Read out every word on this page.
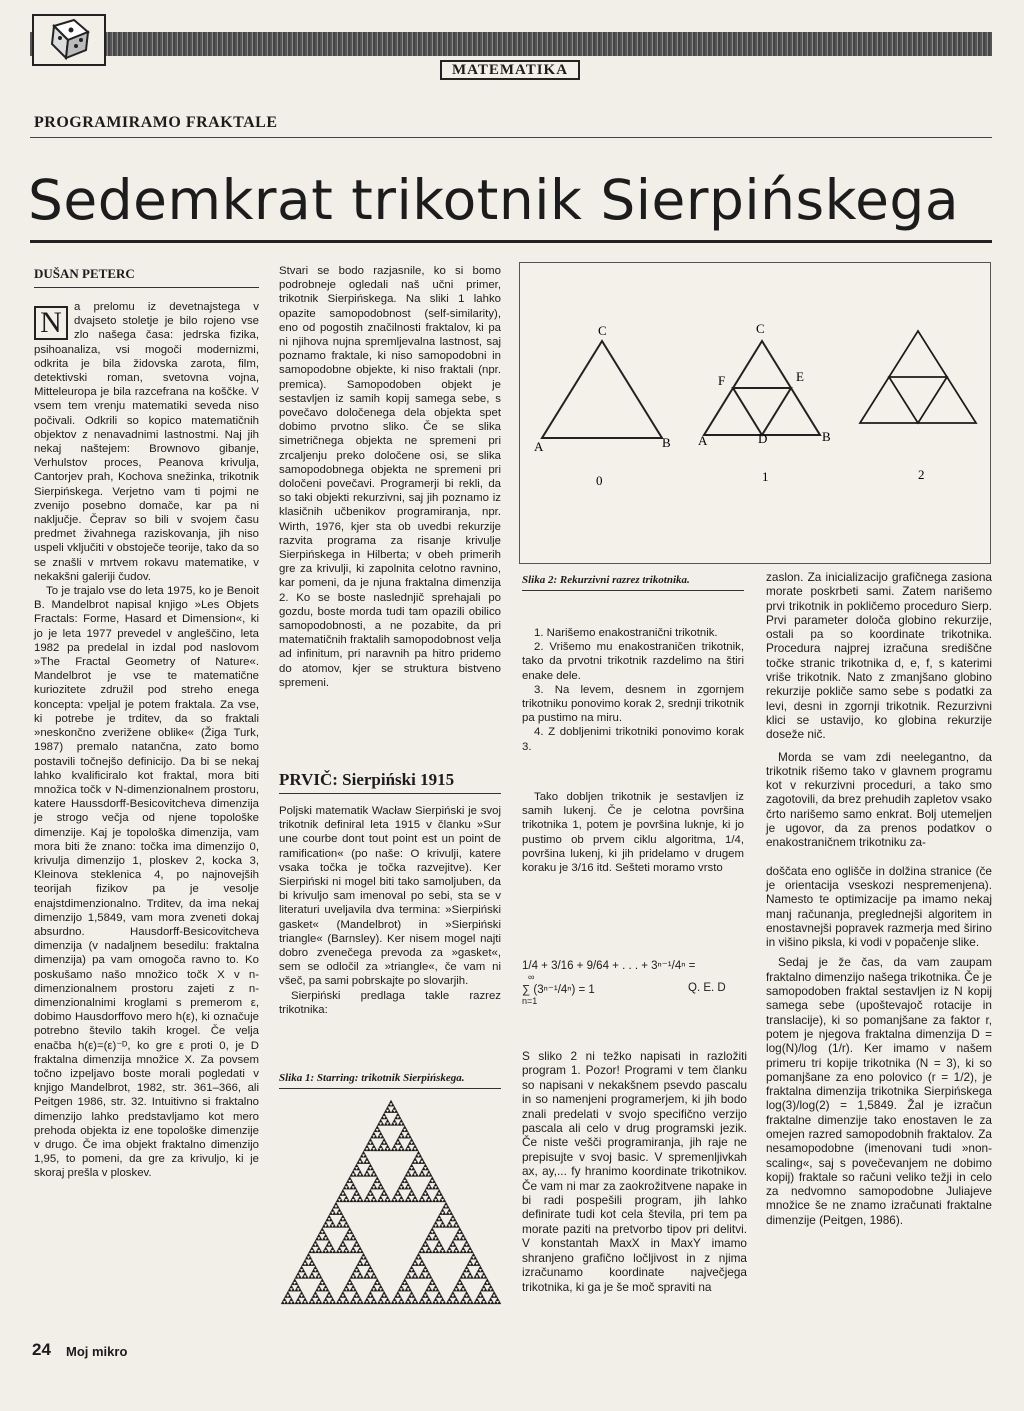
MATEMATIKA
PROGRAMIRAMO FRAKTALE
Sedemkrat trikotnik Sierpińskega
DUŠAN PETERC

N	a prelomu iz devetnajstega v dvajseto stoletje je bilo rojeno vse zlo našega časa: jedrska fizika, psihoanaliza, vsi mogoči modernizmi, odkrita je bila židovska zarota, film, detektivski roman, svetovna vojna, Mitteleuropa je bila razcefrana na koščke. V vsem tem vrenju matematiki seveda niso počivali. Odkrili so kopico matematičnih objektov z nenavadnimi lastnostmi. Naj jih nekaj naštejem: Brownovo gibanje, Verhulstov proces, Peanova krivulja, Cantorjev prah, Kochova snežinka, trikotnik Sierpińskega. Verjetno vam ti pojmi ne zvenijo posebno domače, kar pa ni naključje. Čeprav so bili v svojem času predmet živahnega raziskovanja, jih niso uspeli vključiti v obstoječe teorije, tako da so se znašli v mrtvem rokavu matematike, v nekakšni galeriji čudov.

To je trajalo vse do leta 1975, ko je Benoit B. Mandelbrot napisal knjigo »Les Objets Fractals: Forme, Hasard et Dimension«, ki jo je leta 1977 prevedel v angleščino, leta 1982 pa predelal in izdal pod naslovom »The Fractal Geometry of Nature«. Mandelbrot je vse te matematične kuriozitete združil pod streho enega koncepta: vpeljal je potem fraktala. Za vse, ki potrebe je trditev, da so fraktali »neskončno zverižene oblike« (Žiga Turk, 1987) premalo natančna, zato bomo postavili točnejšo definicijo. Da bi se nekaj lahko kvalificiralo kot fraktal, mora biti množica točk v N-dimenzionalnem prostoru, katere Haussdorff-Besicovitcheva dimenzija je strogo večja od njene topološke dimenzije. Kaj je topološka dimenzija, vam mora biti že znano: točka ima dimenzijo 0, krivulja dimenzijo 1, ploskev 2, kocka 3, Kleinova steklenica 4, po najnovejših teorijah fizikov pa je vesolje enajstdimenzionalno. Trditev, da ima nekaj dimenzijo 1,5849, vam mora zveneti dokaj absurdno. Hausdorff-Besicovitcheva dimenzija (v nadaljnem besedilu: fraktalna dimenzija) pa vam omogoča ravno to. Ko poskušamo našo množico točk X v n-dimenzionalnem prostoru zajeti z n-dimenzionalnimi kroglami s premerom ε, dobimo Hausdorffovo mero h(ε), ki označuje potrebno število takih krogel. Če velja enačba h(ε)=(ε)⁻ᴰ, ko gre ε proti 0, je D fraktalna dimenzija množice X. Za povsem točno izpeljavo boste morali pogledati v knjigo Mandelbrot, 1982, str. 361–366, ali Peitgen 1986, str. 32. Intuitivno si fraktalno dimenzijo lahko predstavljamo kot mero prehoda objekta iz ene topološke dimenzije v drugo. Če ima objekt fraktalno dimenzijo 1,95, to pomeni, da gre za krivuljo, ki je skoraj prešla v ploskev.

Stvari se bodo razjasnile, ko si bomo podrobneje ogledali naš učni primer, trikotnik Sierpińskega. Na sliki 1 lahko opazite samopodobnost (self-similarity), eno od pogostih značilnosti fraktalov, ki pa ni njihova nujna spremljevalna lastnost, saj poznamo fraktale, ki niso samopodobni in samopodobne objekte, ki niso fraktali (npr. premica). Samopodoben objekt je sestavljen iz samih kopij samega sebe, s povečavo določenega dela objekta spet dobimo prvotno sliko. Če se slika simetričnega objekta ne spremeni pri zrcaljenju preko določene osi, se slika samopodobnega objekta ne spremeni pri določeni povečavi. Programerji bi rekli, da so taki objekti rekurzivni, saj jih poznamo iz klasičnih učbenikov programiranja, npr. Wirth, 1976, kjer sta ob uvedbi rekurzije razvita programa za risanje krivulje Sierpińskega in Hilberta; v obeh primerih gre za krivulji, ki zapolnita celotno ravnino, kar pomeni, da je njuna fraktalna dimenzija 2. Ko se boste naslednjič sprehajali po gozdu, boste morda tudi tam opazili obilico samopodobnosti, a ne pozabite, da pri matematičnih fraktalih samopodobnost velja ad infinitum, pri naravnih pa hitro pridemo do atomov, kjer se struktura bistveno spremeni.

PRVIČ: Sierpiński 1915

Poljski matematik Wacław Sierpiński je svoj trikotnik definiral leta 1915 v članku »Sur une courbe dont tout point est un point de ramification« (po naše: O krivulji, katere vsaka točka je točka razvejitve). Ker Sierpiński ni mogel biti tako samoljuben, da bi krivuljo sam imenoval po sebi, sta se v literaturi uveljavila dva termina: »Sierpiński gasket« (Mandelbrot) in »Sierpiński triangle« (Barnsley). Ker nisem mogel najti dobro zvenečega prevoda za »gasket«, sem se odločil za »triangle«, če vam ni všeč, pa sami pobrskajte po slovarjih.

Sierpiński predlaga takle razrez trikotnika:

Slika 1: Starring: trikotnik Sierpińskega.
C
A	B
0
C
F	E
A	D	B
1	2
Slika 2: Rekurzivni razrez trikotnika.

1. Narišemo enakostranični trikotnik.

2. Vrišemo mu enakostraničen trikotnik, tako da prvotni trikotnik razdelimo na štiri enake dele.

3. Na levem, desnem in zgornjem trikotniku ponovimo korak 2, srednji trikotnik pa pustimo na miru.

4. Z dobljenimi trikotniki ponovimo korak 3.

Tako dobljen trikotnik je sestavljen iz samih lukenj. Če je celotna površina trikotnika 1, potem je površina luknje, ki jo pustimo ob prvem ciklu algoritma, 1/4, površina lukenj, ki jih pridelamo v drugem koraku je 3/16 itd. Sešteti moramo vrsto

1/4 + 3/16 + 9/64 + . . . + 3ⁿ⁻¹/4ⁿ =
∞
∑ (3ⁿ⁻¹/4ⁿ) = 1	Q. E. D
n=1

S sliko 2 ni težko napisati in razložiti program 1. Pozor! Programi v tem članku so napisani v nekakšnem psevdo pascalu in so namenjeni programerjem, ki jih bodo znali predelati v svojo specifično verzijo pascala ali celo v drug programski jezik. Če niste vešči programiranja, jih raje ne prepisujte v svoj basic. V spremenljivkah ax, ay,... fy hranimo koordinate trikotnikov. Če vam ni mar za zaokrožitvene napake in bi radi pospešili program, jih lahko definirate tudi kot cela števila, pri tem pa morate paziti na pretvorbo tipov pri delitvi. V konstantah MaxX in MaxY imamo shranjeno grafično ločljivost in z njima izračunamo koordinate največjega trikotnika, ki ga je še moč spraviti na

zaslon. Za inicializacijo grafičnega zasiona morate poskrbeti sami. Zatem narišemo prvi trikotnik in pokličemo proceduro Sierp. Prvi parameter določa globino rekurzije, ostali pa so koordinate trikotnika. Procedura najprej izračuna središčne točke stranic trikotnika d, e, f, s katerimi vriše trikotnik. Nato z zmanjšano globino rekurzije pokliče samo sebe s podatki za levi, desni in zgornji trikotnik. Rezurzivni klici se ustavijo, ko globina rekurzije doseže nič.

Morda se vam zdi neelegantno, da trikotnik rišemo tako v glavnem programu kot v rekurzivni proceduri, a tako smo zagotovili, da brez prehudih zapletov vsako črto narišemo samo enkrat. Bolj utemeljen je ugovor, da za prenos podatkov o enakostraničnem trikotniku za-

doščata eno oglišče in dolžina stranice (če je orientacija vseskozi nespremenjena). Namesto te optimizacije pa imamo nekaj manj računanja, preglednejši algoritem in enostavnejši popravek razmerja med širino in višino piksla, ki vodi v popačenje slike.

Sedaj je že čas, da vam zaupam fraktalno dimenzijo našega trikotnika. Če je samopodoben fraktal sestavljen iz N kopij samega sebe (upoštevajoč rotacije in translacije), ki so pomanjšane za faktor r, potem je njegova fraktalna dimenzija D = log(N)/log (1/r). Ker imamo v našem primeru tri kopije trikotnika (N = 3), ki so pomanjšane za eno polovico (r = 1/2), je fraktalna dimenzija trikotnika Sierpińskega log(3)/log(2) = 1,5849. Žal je izračun fraktalne dimenzije tako enostaven le za omejen razred samopodobnih fraktalov. Za nesamopodobne (imenovani tudi »non-scaling«, saj s povečevanjem ne dobimo kopij) fraktale so računi veliko težji in celo za nedvomno samopodobne Juliajeve množice še ne znamo izračunati fraktalne dimenzije (Peitgen, 1986).

24 Moj mikro
